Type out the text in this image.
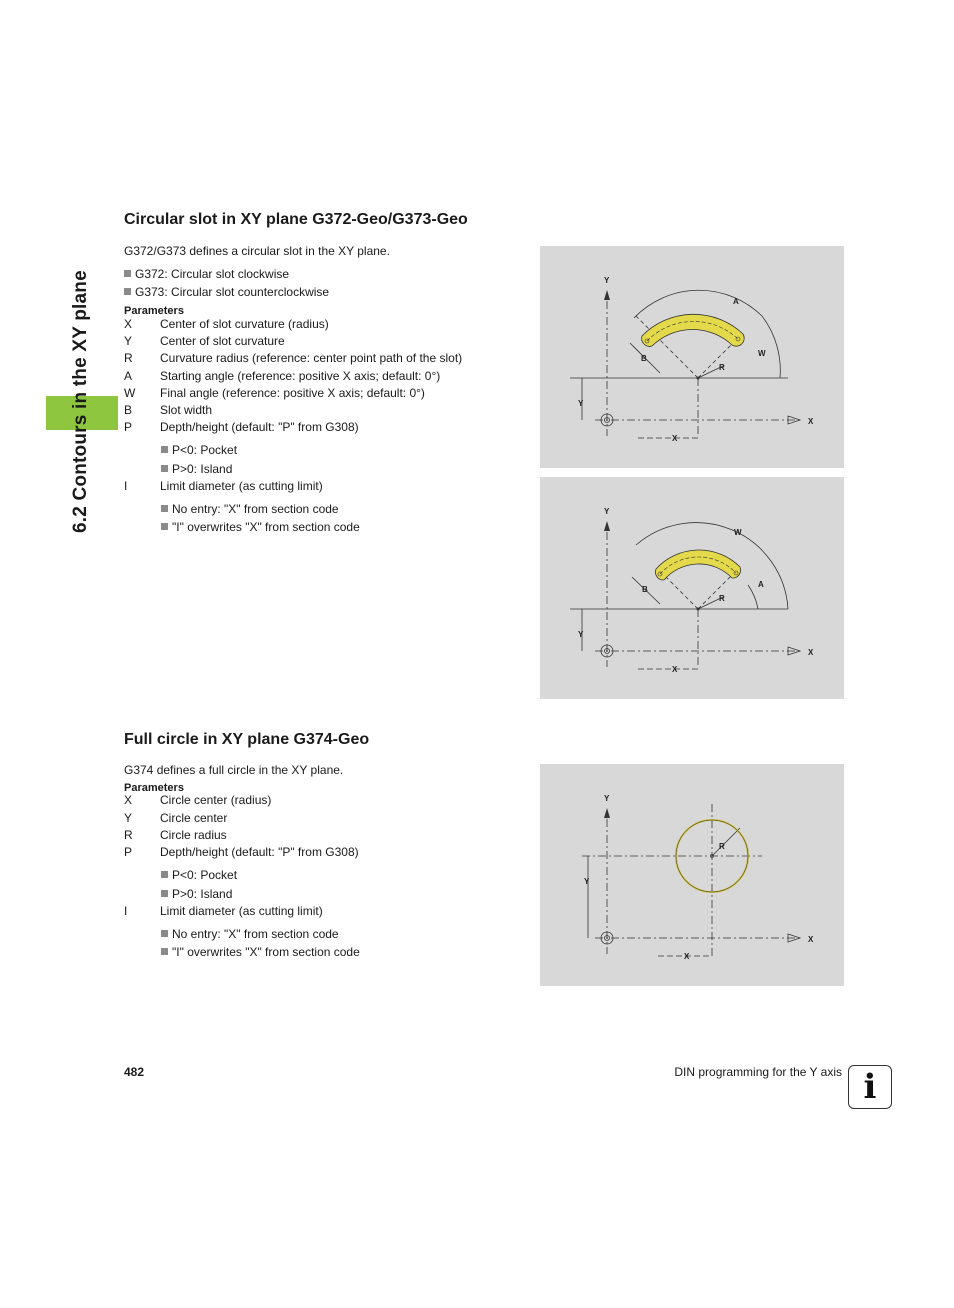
6.2 Contours in the XY plane
Circular slot in XY plane G372-Geo/G373-Geo
G372/G373 defines a circular slot in the XY plane.
G372: Circular slot clockwise
G373: Circular slot counterclockwise
Parameters
X Center of slot curvature (radius)
Y Center of slot curvature
R Curvature radius (reference: center point path of the slot)
A Starting angle (reference: positive X axis; default: 0°)
W Final angle (reference: positive X axis; default: 0°)
B Slot width
P Depth/height (default: "P" from G308)
P<0: Pocket
P>0: Island
I	Limit diameter (as cutting limit)
No entry: "X" from section code
"I" overwrites "X" from section code
Y
X
A
B
W
R
Y
X
Y
X
W
B
A
R
Y
X
Full circle in XY plane G374-Geo
G374 defines a full circle in the XY plane.
Parameters
X Circle center (radius)
Y Circle center
R Circle radius
P Depth/height (default: "P" from G308)
P<0: Pocket
P>0: Island
I	Limit diameter (as cutting limit)
No entry: "X" from section code
"I" overwrites "X" from section code
Y
X
R
Y
X
482	DIN programming for the Y axis i
